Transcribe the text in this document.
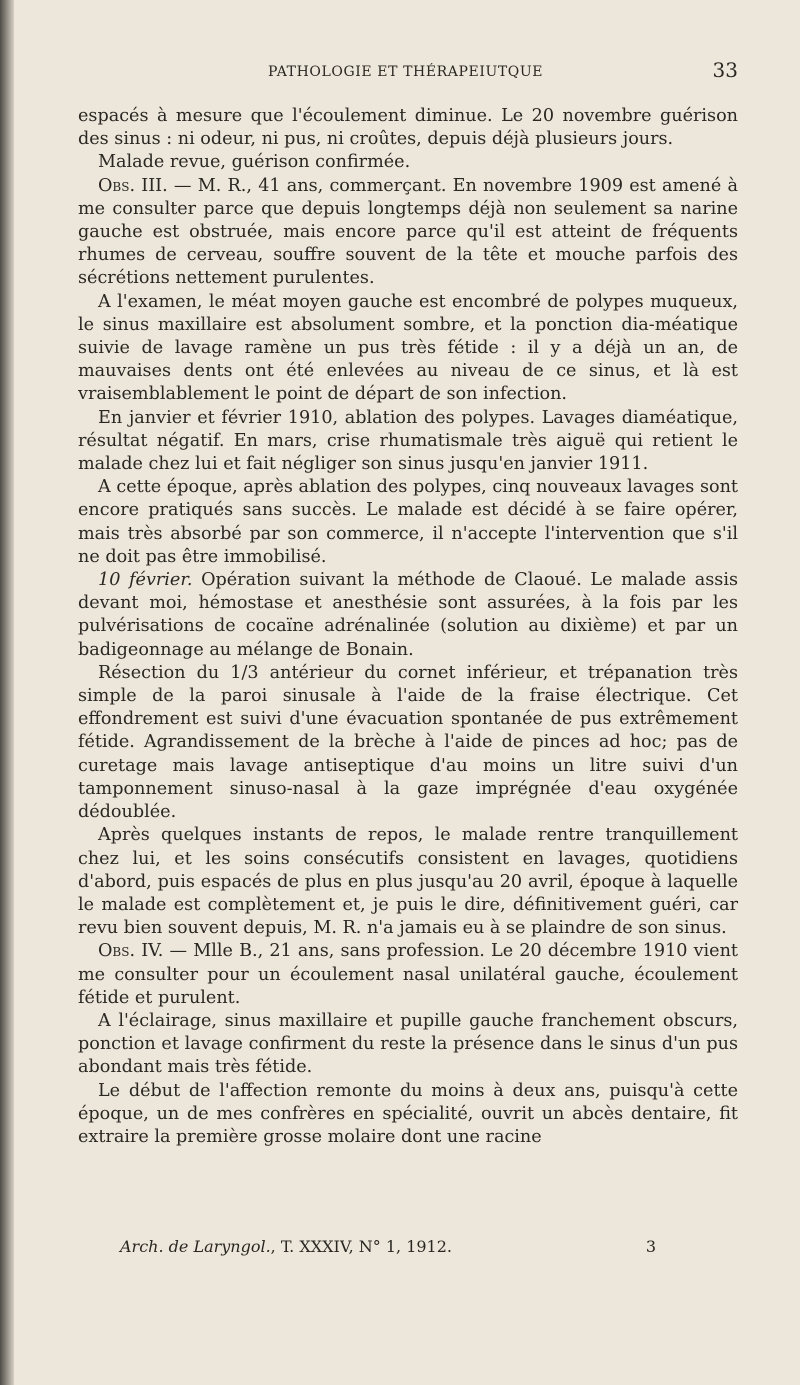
PATHOLOGIE ET THÉRAPEIUTQUE	33

espacés à mesure que l'écoulement diminue. Le 20 novembre guérison des sinus : ni odeur, ni pus, ni croûtes, depuis déjà plusieurs jours.

Malade revue, guérison confirmée.

Obs. III. — M. R., 41 ans, commerçant. En novembre 1909 est amené à me consulter parce que depuis longtemps déjà non seulement sa narine gauche est obstruée, mais encore parce qu'il est atteint de fréquents rhumes de cerveau, souffre souvent de la tête et mouche parfois des sécrétions nettement purulentes.

A l'examen, le méat moyen gauche est encombré de polypes muqueux, le sinus maxillaire est absolument sombre, et la ponction dia-méatique suivie de lavage ramène un pus très fétide : il y a déjà un an, de mauvaises dents ont été enlevées au niveau de ce sinus, et là est vraisemblablement le point de départ de son infection.

En janvier et février 1910, ablation des polypes. Lavages diaméatique, résultat négatif. En mars, crise rhumatismale très aiguë qui retient le malade chez lui et fait négliger son sinus jusqu'en janvier 1911.

A cette époque, après ablation des polypes, cinq nouveaux lavages sont encore pratiqués sans succès. Le malade est décidé à se faire opérer, mais très absorbé par son commerce, il n'accepte l'intervention que s'il ne doit pas être immobilisé.

10 février. Opération suivant la méthode de Claoué. Le malade assis devant moi, hémostase et anesthésie sont assurées, à la fois par les pulvérisations de cocaïne adrénalinée (solution au dixième) et par un badigeonnage au mélange de Bonain.

Résection du 1/3 antérieur du cornet inférieur, et trépanation très simple de la paroi sinusale à l'aide de la fraise électrique. Cet effondrement est suivi d'une évacuation spontanée de pus extrêmement fétide. Agrandissement de la brèche à l'aide de pinces ad hoc; pas de curetage mais lavage antiseptique d'au moins un litre suivi d'un tamponnement sinuso-nasal à la gaze imprégnée d'eau oxygénée dédoublée.

Après quelques instants de repos, le malade rentre tranquillement chez lui, et les soins consécutifs consistent en lavages, quotidiens d'abord, puis espacés de plus en plus jusqu'au 20 avril, époque à laquelle le malade est complètement et, je puis le dire, définitivement guéri, car revu bien souvent depuis, M. R. n'a jamais eu à se plaindre de son sinus.

Obs. IV. — Mlle B., 21 ans, sans profession. Le 20 décembre 1910 vient me consulter pour un écoulement nasal unilatéral gauche, écoulement fétide et purulent.

A l'éclairage, sinus maxillaire et pupille gauche franchement obscurs, ponction et lavage confirment du reste la présence dans le sinus d'un pus abondant mais très fétide.

Le début de l'affection remonte du moins à deux ans, puisqu'à cette époque, un de mes confrères en spécialité, ouvrit un abcès dentaire, fit extraire la première grosse molaire dont une racine

Arch. de Laryngol., T. XXXIV, N° 1, 1912.	3
